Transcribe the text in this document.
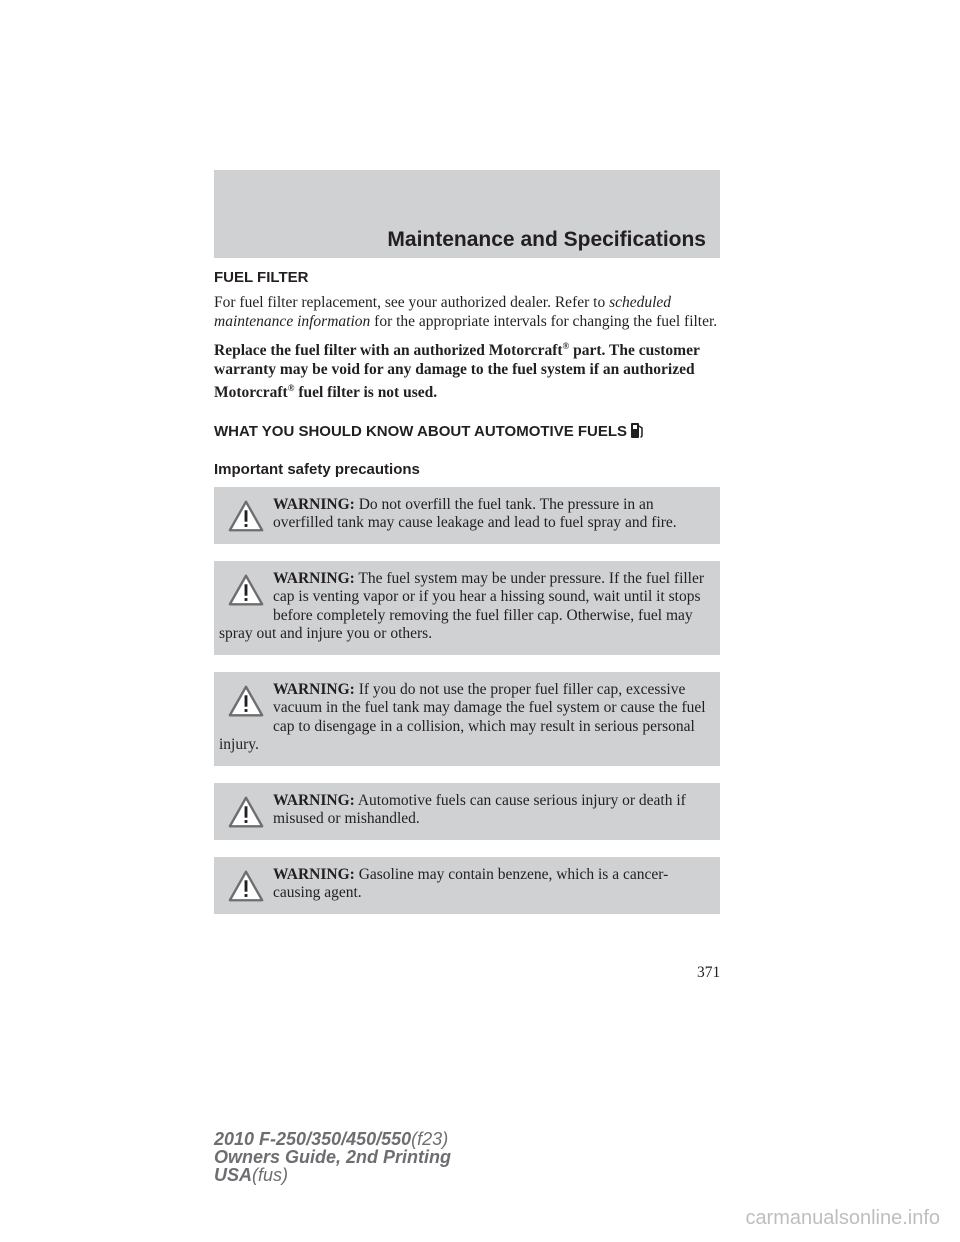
Maintenance and Specifications
FUEL FILTER

For fuel filter replacement, see your authorized dealer. Refer to scheduled maintenance information for the appropriate intervals for changing the fuel filter.

Replace the fuel filter with an authorized Motorcraft® part. The customer warranty may be void for any damage to the fuel system if an authorized Motorcraft® fuel filter is not used.

WHAT YOU SHOULD KNOW ABOUT AUTOMOTIVE FUELS
Important safety precautions
WARNING: Do not overfill the fuel tank. The pressure in an overfilled tank may cause leakage and lead to fuel spray and fire.
WARNING: The fuel system may be under pressure. If the fuel filler cap is venting vapor or if you hear a hissing sound, wait until it stops before completely removing the fuel filler cap. Otherwise, fuel may spray out and injure you or others.
WARNING: If you do not use the proper fuel filler cap, excessive vacuum in the fuel tank may damage the fuel system or cause the fuel cap to disengage in a collision, which may result in serious personal injury.
WARNING: Automotive fuels can cause serious injury or death if misused or mishandled.
WARNING: Gasoline may contain benzene, which is a cancer-causing agent.
371
2010 F-250/350/450/550(f23)
Owners Guide, 2nd Printing
USA(fus)
carmanualsonline.info
